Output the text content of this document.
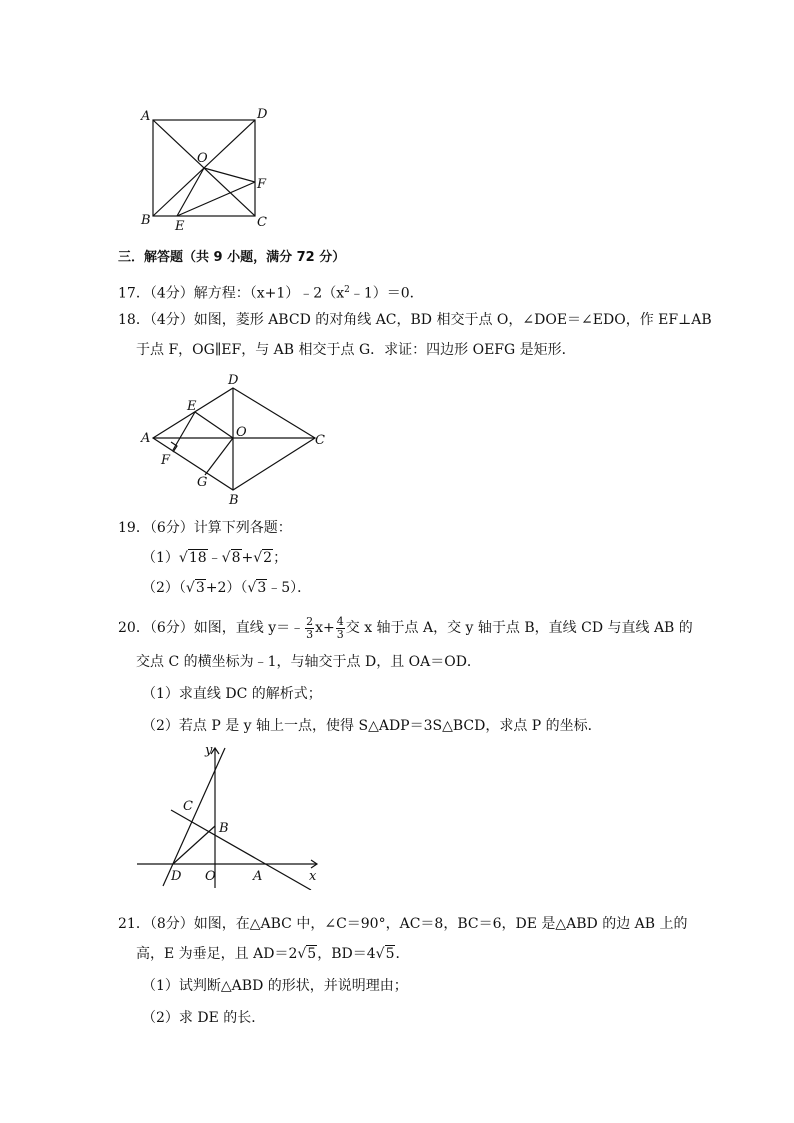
A	D
O
F
B E	C
三．解答题（共 9 小题，满分 72 分）
17．（4分）解方程：$(x+1)﹣2(x^2﹣1)=0$．
18．（4分）如图，菱形 ABCD 的对角线 AC，BD 相交于点 O，∠DOE＝∠EDO，作 EF⊥AB
于点 F，OG∥EF，与 AB 相交于点 G．求证：四边形 OEFG 是矩形．
D
E
A	O
C
F
G
B
19．（6分）计算下列各题：
（1）√18﹣√8+√2；
（2）（√3+2）（√3﹣5）．
20．（6分）如图，直线 y＝﹣ $\frac{2}{3} x+ \frac{4}{3}$ 交 x 轴于点 A，交 y 轴于点 B，直线 CD 与直线 AB 的
交点 C 的横坐标为﹣1，与轴交于点 D，且 OA＝OD．
（1）求直线 DC 的解析式；
（2）若点 P 是 y 轴上一点，使得 S△ADP＝3S△BCD，求点 P 的坐标．
y
C
B
D O	A	x
21．（8分）如图，在△ABC 中，∠C＝90°，AC＝8，BC＝6，DE 是△ABD 的边 AB 上的
高，E 为垂足，且 AD＝2√5，BD＝4√5．
（1）试判断△ABD 的形状，并说明理由；
（2）求 DE 的长．
